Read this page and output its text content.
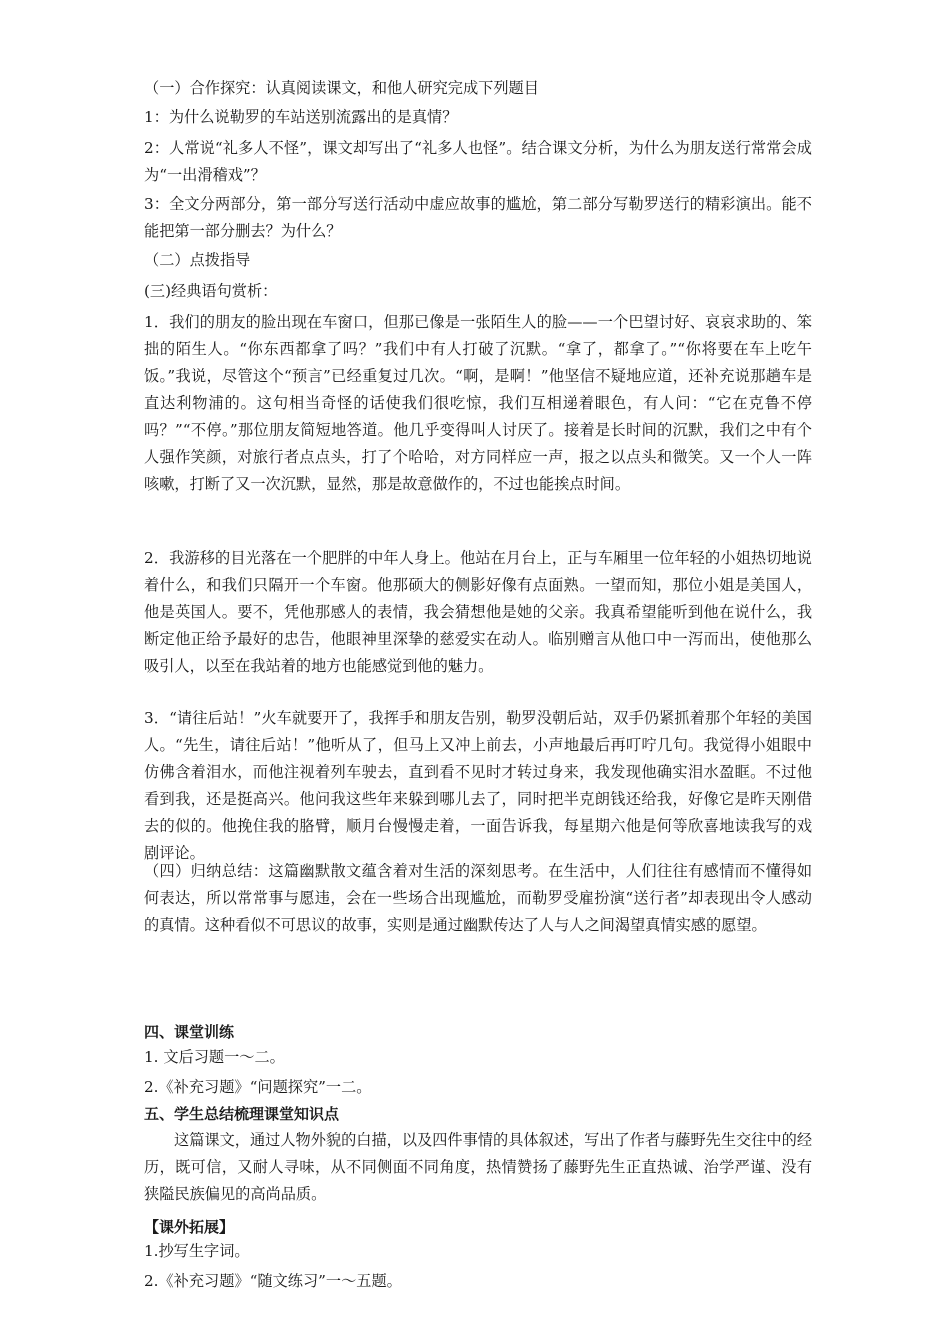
（一）合作探究：认真阅读课文，和他人研究完成下列题目

1：为什么说勒罗的车站送别流露出的是真情？

2：人常说“礼多人不怪”，课文却写出了“礼多人也怪”。结合课文分析，为什么为朋友送行常常会成为“一出滑稽戏”？

3：全文分两部分，第一部分写送行活动中虚应故事的尴尬，第二部分写勒罗送行的精彩演出。能不能把第一部分删去？为什么？

（二）点拨指导

(三)经典语句赏析：

1．我们的朋友的脸出现在车窗口，但那已像是一张陌生人的脸——一个巴望讨好、哀哀求助的、笨拙的陌生人。“你东西都拿了吗？”我们中有人打破了沉默。“拿了，都拿了。”“你将要在车上吃午饭。”我说，尽管这个“预言”已经重复过几次。“啊，是啊！”他坚信不疑地应道，还补充说那趟车是直达利物浦的。这句相当奇怪的话使我们很吃惊，我们互相递着眼色，有人问：“它在克鲁不停吗？”“不停。”那位朋友简短地答道。他几乎变得叫人讨厌了。接着是长时间的沉默，我们之中有个人强作笑颜，对旅行者点点头，打了个哈哈，对方同样应一声，报之以点头和微笑。又一个人一阵咳嗽，打断了又一次沉默，显然，那是故意做作的，不过也能挨点时间。

2．我游移的目光落在一个肥胖的中年人身上。他站在月台上，正与车厢里一位年轻的小姐热切地说着什么，和我们只隔开一个车窗。他那硕大的侧影好像有点面熟。一望而知，那位小姐是美国人，他是英国人。要不，凭他那感人的表情，我会猜想他是她的父亲。我真希望能听到他在说什么，我断定他正给予最好的忠告，他眼神里深挚的慈爱实在动人。临别赠言从他口中一泻而出，使他那么吸引人，以至在我站着的地方也能感觉到他的魅力。

3．“请往后站！”火车就要开了，我挥手和朋友告别，勒罗没朝后站，双手仍紧抓着那个年轻的美国人。“先生，请往后站！”他听从了，但马上又冲上前去，小声地最后再叮咛几句。我觉得小姐眼中仿佛含着泪水，而他注视着列车驶去，直到看不见时才转过身来，我发现他确实泪水盈眶。不过他看到我，还是挺高兴。他问我这些年来躲到哪儿去了，同时把半克朗钱还给我，好像它是昨天刚借去的似的。他挽住我的胳臂，顺月台慢慢走着，一面告诉我，每星期六他是何等欣喜地读我写的戏剧评论。

（四）归纳总结：这篇幽默散文蕴含着对生活的深刻思考。在生活中，人们往往有感情而不懂得如何表达，所以常常事与愿违，会在一些场合出现尴尬，而勒罗受雇扮演“送行者”却表现出令人感动的真情。这种看似不可思议的故事，实则是通过幽默传达了人与人之间渴望真情实感的愿望。

四、课堂训练

1. 文后习题一～二。

2.《补充习题》“问题探究”一二。

五、学生总结梳理课堂知识点

这篇课文，通过人物外貌的白描，以及四件事情的具体叙述，写出了作者与藤野先生交往中的经历，既可信，又耐人寻味，从不同侧面不同角度，热情赞扬了藤野先生正直热诚、治学严谨、没有狭隘民族偏见的高尚品质。

【课外拓展】

1.抄写生字词。

2.《补充习题》“随文练习”一～五题。
